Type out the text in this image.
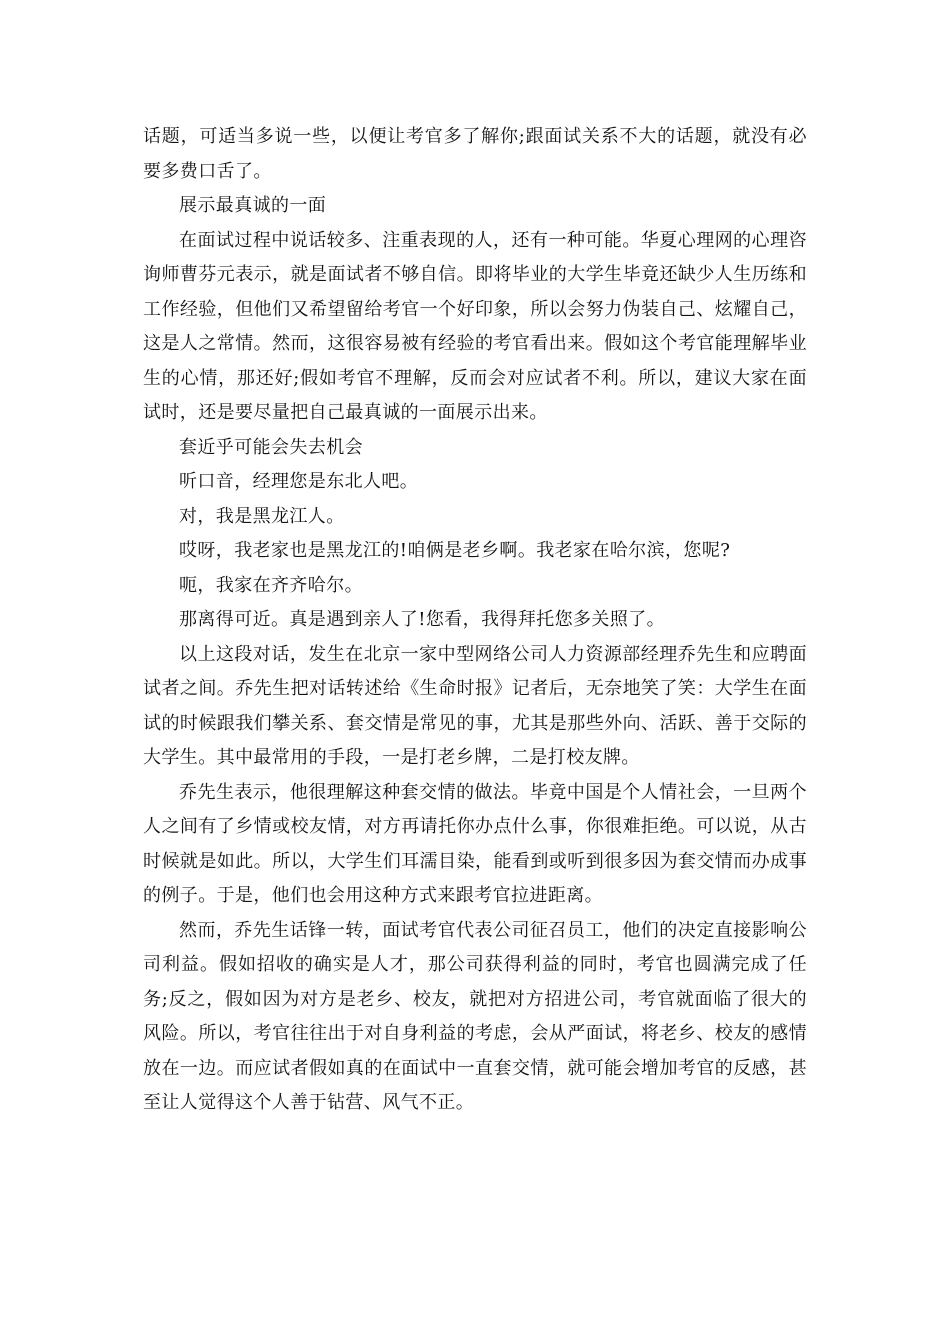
话题，可适当多说一些，以便让考官多了解你;跟面试关系不大的话题，就没有必要多费口舌了。

展示最真诚的一面

在面试过程中说话较多、注重表现的人，还有一种可能。华夏心理网的心理咨询师曹芬元表示，就是面试者不够自信。即将毕业的大学生毕竟还缺少人生历练和工作经验，但他们又希望留给考官一个好印象，所以会努力伪装自己、炫耀自己，这是人之常情。然而，这很容易被有经验的考官看出来。假如这个考官能理解毕业生的心情，那还好;假如考官不理解，反而会对应试者不利。所以，建议大家在面试时，还是要尽量把自己最真诚的一面展示出来。

套近乎可能会失去机会

听口音，经理您是东北人吧。

对，我是黑龙江人。

哎呀，我老家也是黑龙江的!咱俩是老乡啊。我老家在哈尔滨，您呢?

呃，我家在齐齐哈尔。

那离得可近。真是遇到亲人了!您看，我得拜托您多关照了。

以上这段对话，发生在北京一家中型网络公司人力资源部经理乔先生和应聘面试者之间。乔先生把对话转述给《生命时报》记者后，无奈地笑了笑：大学生在面试的时候跟我们攀关系、套交情是常见的事，尤其是那些外向、活跃、善于交际的大学生。其中最常用的手段，一是打老乡牌，二是打校友牌。

乔先生表示，他很理解这种套交情的做法。毕竟中国是个人情社会，一旦两个人之间有了乡情或校友情，对方再请托你办点什么事，你很难拒绝。可以说，从古时候就是如此。所以，大学生们耳濡目染，能看到或听到很多因为套交情而办成事的例子。于是，他们也会用这种方式来跟考官拉进距离。

然而，乔先生话锋一转，面试考官代表公司征召员工，他们的决定直接影响公司利益。假如招收的确实是人才，那公司获得利益的同时，考官也圆满完成了任务;反之，假如因为对方是老乡、校友，就把对方招进公司，考官就面临了很大的风险。所以，考官往往出于对自身利益的考虑，会从严面试，将老乡、校友的感情放在一边。而应试者假如真的在面试中一直套交情，就可能会增加考官的反感，甚至让人觉得这个人善于钻营、风气不正。
